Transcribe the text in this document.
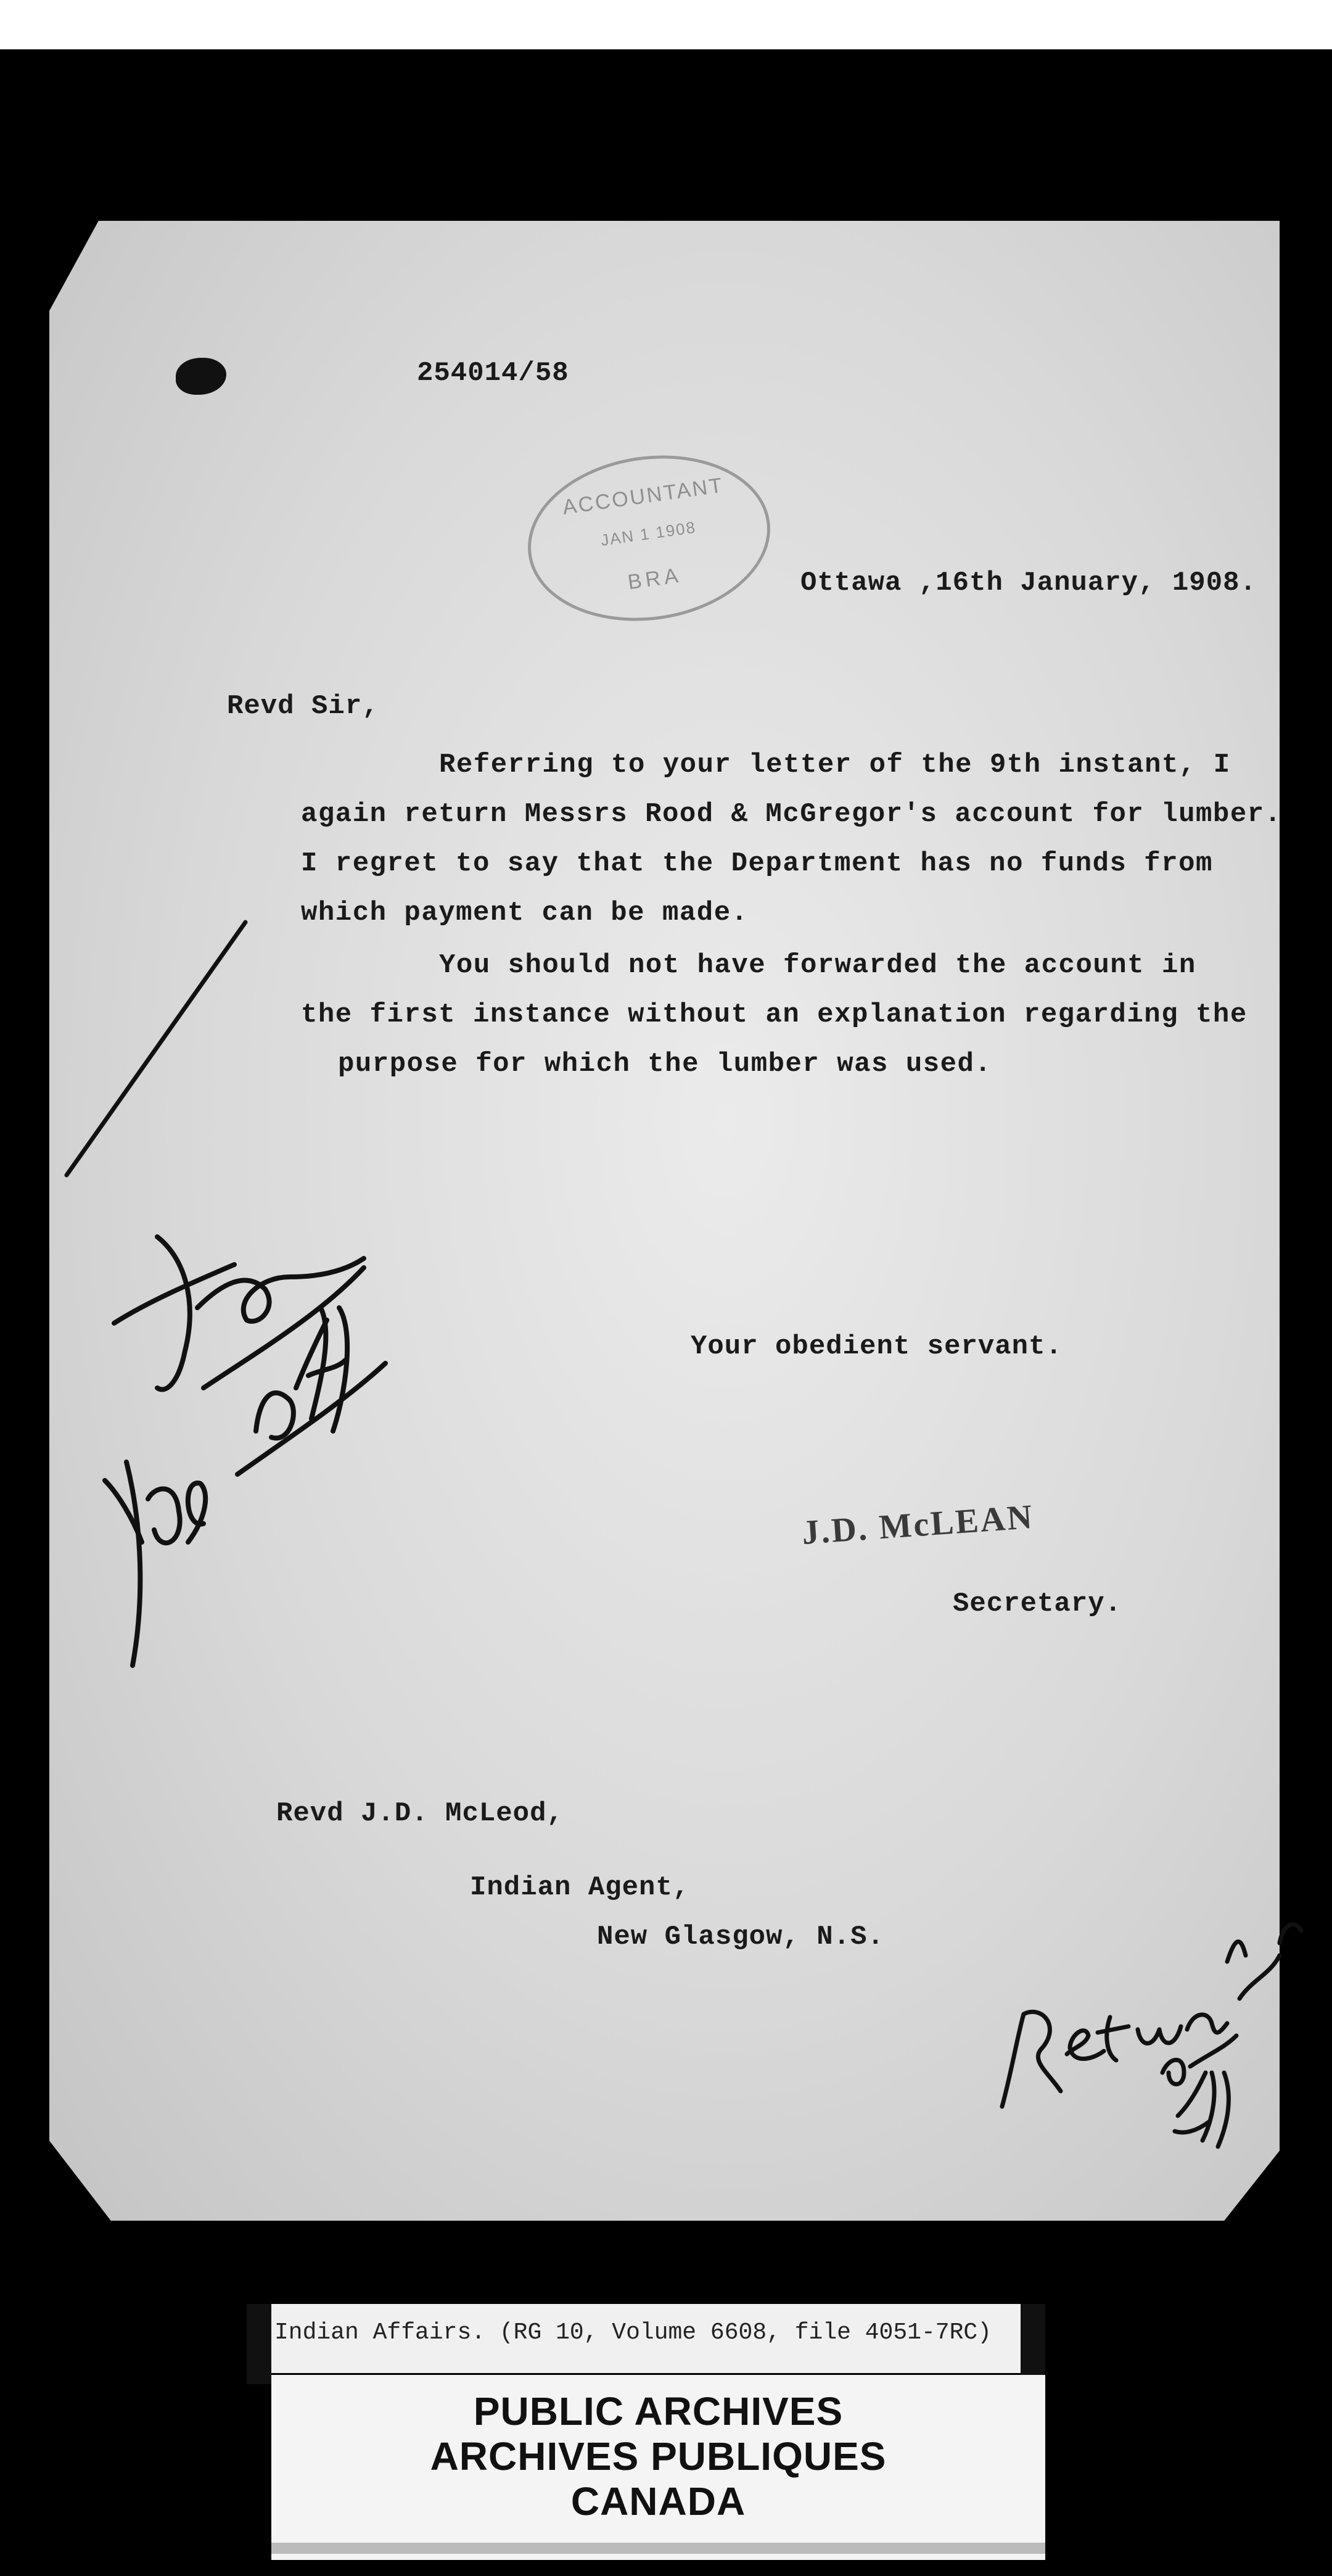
254014/58

ACCOUNTANT
JAN 1 1908
BRA	Ottawa ,16th January, 1908.

Revd Sir,

Referring to your letter of the 9th instant, I

again return Messrs Rood & McGregor's account for lumber.

I regret to say that the Department has no funds from

which payment can be made.

You should not have forwarded the account in

the first instance without an explanation regarding the

purpose for which the lumber was used.

Your obedient servant.

J.D. McLEAN

Secretary.

Revd J.D. McLeod,

Indian Agent,

New Glasgow, N.S.

Indian Affairs. (RG 10, Volume 6608, file 4051-7RC)
PUBLIC ARCHIVES
ARCHIVES PUBLIQUES
CANADA
